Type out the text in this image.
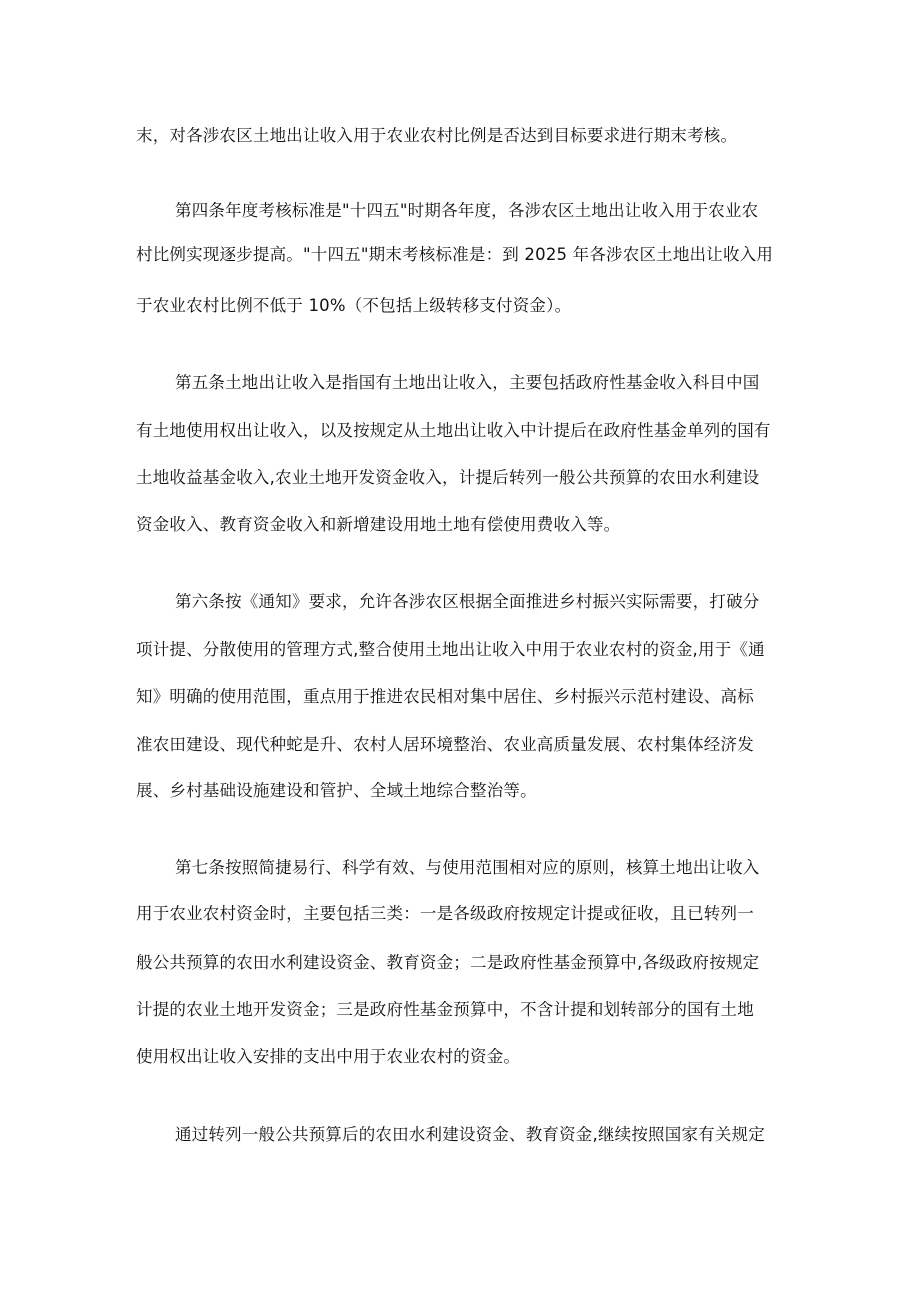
末，对各涉农区土地出让收入用于农业农村比例是否达到目标要求进行期末考核。
第四条年度考核标准是"十四五"时期各年度，各涉农区土地出让收入用于农业农
村比例实现逐步提高。"十四五"期末考核标准是：到 2025 年各涉农区土地出让收入用
于农业农村比例不低于 10%（不包括上级转移支付资金）。
第五条土地出让收入是指国有土地出让收入，主要包括政府性基金收入科目中国
有土地使用权出让收入，以及按规定从土地出让收入中计提后在政府性基金单列的国有
土地收益基金收入,农业土地开发资金收入，计提后转列一般公共预算的农田水利建设
资金收入、教育资金收入和新增建设用地土地有偿使用费收入等。
第六条按《通知》要求，允许各涉农区根据全面推进乡村振兴实际需要，打破分
项计提、分散使用的管理方式,整合使用土地出让收入中用于农业农村的资金,用于《通
知》明确的使用范围，重点用于推进农民相对集中居住、乡村振兴示范村建设、高标
准农田建设、现代种蛇是升、农村人居环境整治、农业高质量发展、农村集体经济发
展、乡村基础设施建设和管护、全域土地综合整治等。
第七条按照简捷易行、科学有效、与使用范围相对应的原则，核算土地出让收入
用于农业农村资金时，主要包括三类：一是各级政府按规定计提或征收，且已转列一
般公共预算的农田水利建设资金、教育资金；二是政府性基金预算中,各级政府按规定
计提的农业土地开发资金；三是政府性基金预算中，不含计提和划转部分的国有土地
使用权出让收入安排的支出中用于农业农村的资金。
通过转列一般公共预算后的农田水利建设资金、教育资金,继续按照国家有关规定
